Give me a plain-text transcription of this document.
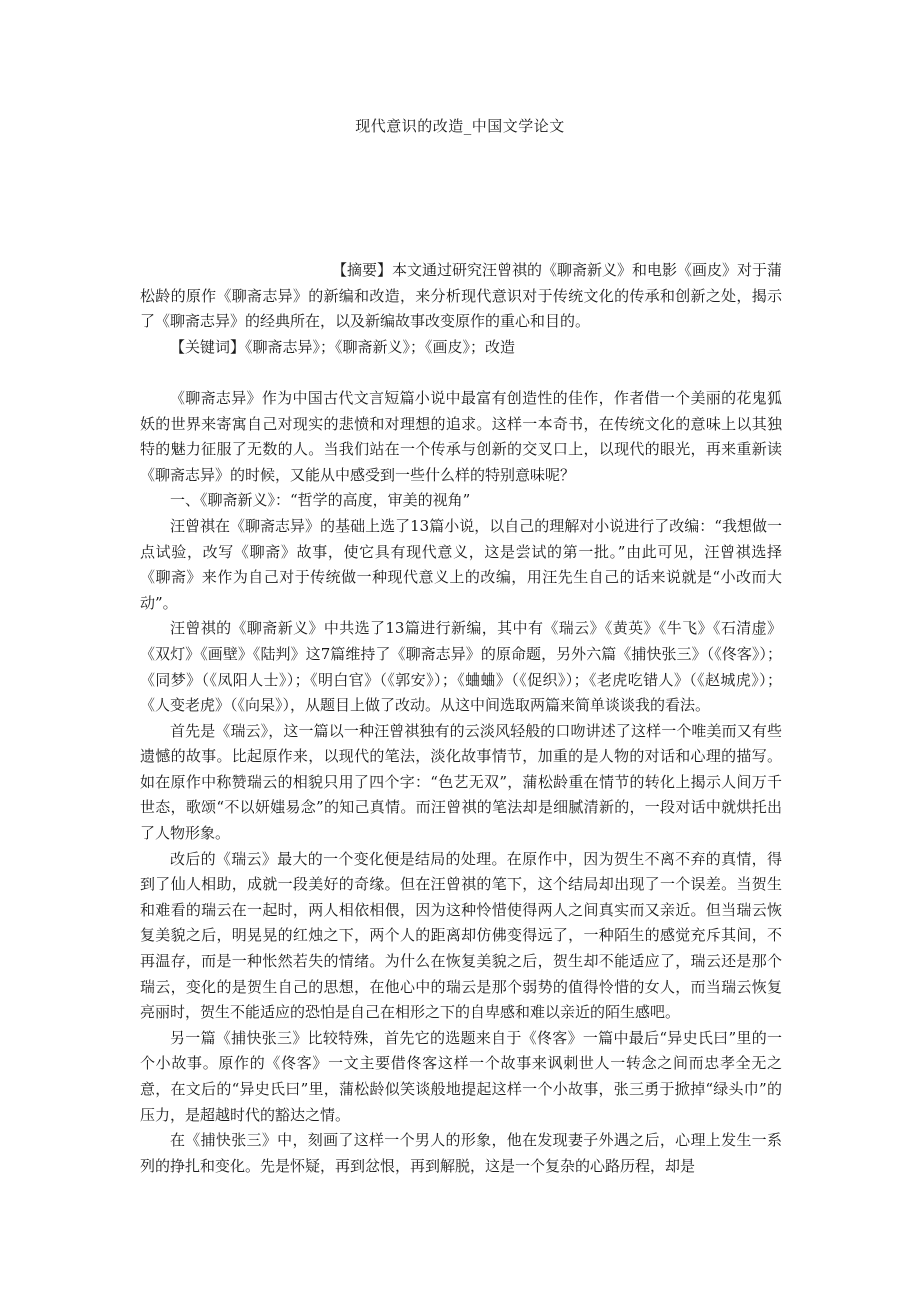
现代意识的改造_中国文学论文

【摘要】本文通过研究汪曾祺的《聊斋新义》和电影《画皮》对于蒲松龄的原作《聊斋志异》的新编和改造，来分析现代意识对于传统文化的传承和创新之处，揭示了《聊斋志异》的经典所在，以及新编故事改变原作的重心和目的。

【关键词】《聊斋志异》；《聊斋新义》；《画皮》；改造

《聊斋志异》作为中国古代文言短篇小说中最富有创造性的佳作，作者借一个美丽的花鬼狐妖的世界来寄寓自己对现实的悲愤和对理想的追求。这样一本奇书，在传统文化的意味上以其独特的魅力征服了无数的人。当我们站在一个传承与创新的交叉口上，以现代的眼光，再来重新读《聊斋志异》的时候，又能从中感受到一些什么样的特别意味呢？

一、《聊斋新义》：“哲学的高度，审美的视角”

汪曾祺在《聊斋志异》的基础上选了13篇小说，以自己的理解对小说进行了改编：“我想做一点试验，改写《聊斋》故事，使它具有现代意义，这是尝试的第一批。”由此可见，汪曾祺选择《聊斋》来作为自己对于传统做一种现代意义上的改编，用汪先生自己的话来说就是“小改而大动”。

汪曾祺的《聊斋新义》中共选了13篇进行新编，其中有《瑞云》《黄英》《牛飞》《石清虚》《双灯》《画壁》《陆判》这7篇维持了《聊斋志异》的原命题，另外六篇《捕快张三》（《佟客》）；《同梦》（《凤阳人士》）；《明白官》（《郭安》）；《蛐蛐》（《促织》）；《老虎吃错人》（《赵城虎》）；《人变老虎》（《向杲》），从题目上做了改动。从这中间选取两篇来简单谈谈我的看法。

首先是《瑞云》，这一篇以一种汪曾祺独有的云淡风轻般的口吻讲述了这样一个唯美而又有些遗憾的故事。比起原作来，以现代的笔法，淡化故事情节，加重的是人物的对话和心理的描写。如在原作中称赞瑞云的相貌只用了四个字：“色艺无双”，蒲松龄重在情节的转化上揭示人间万千世态，歌颂“不以妍媸易念”的知己真情。而汪曾祺的笔法却是细腻清新的，一段对话中就烘托出了人物形象。

改后的《瑞云》最大的一个变化便是结局的处理。在原作中，因为贺生不离不弃的真情，得到了仙人相助，成就一段美好的奇缘。但在汪曾祺的笔下，这个结局却出现了一个误差。当贺生和难看的瑞云在一起时，两人相依相偎，因为这种怜惜使得两人之间真实而又亲近。但当瑞云恢复美貌之后，明晃晃的红烛之下，两个人的距离却仿佛变得远了，一种陌生的感觉充斥其间，不再温存，而是一种怅然若失的情绪。为什么在恢复美貌之后，贺生却不能适应了，瑞云还是那个瑞云，变化的是贺生自己的思想，在他心中的瑞云是那个弱势的值得怜惜的女人，而当瑞云恢复亮丽时，贺生不能适应的恐怕是自己在相形之下的自卑感和难以亲近的陌生感吧。

另一篇《捕快张三》比较特殊，首先它的选题来自于《佟客》一篇中最后“异史氏曰”里的一个小故事。原作的《佟客》一文主要借佟客这样一个故事来讽刺世人一转念之间而忠孝全无之意，在文后的“异史氏曰”里，蒲松龄似笑谈般地提起这样一个小故事，张三勇于掀掉“绿头巾”的压力，是超越时代的豁达之情。

在《捕快张三》中，刻画了这样一个男人的形象，他在发现妻子外遇之后，心理上发生一系列的挣扎和变化。先是怀疑，再到忿恨，再到解脱，这是一个复杂的心路历程，却是
